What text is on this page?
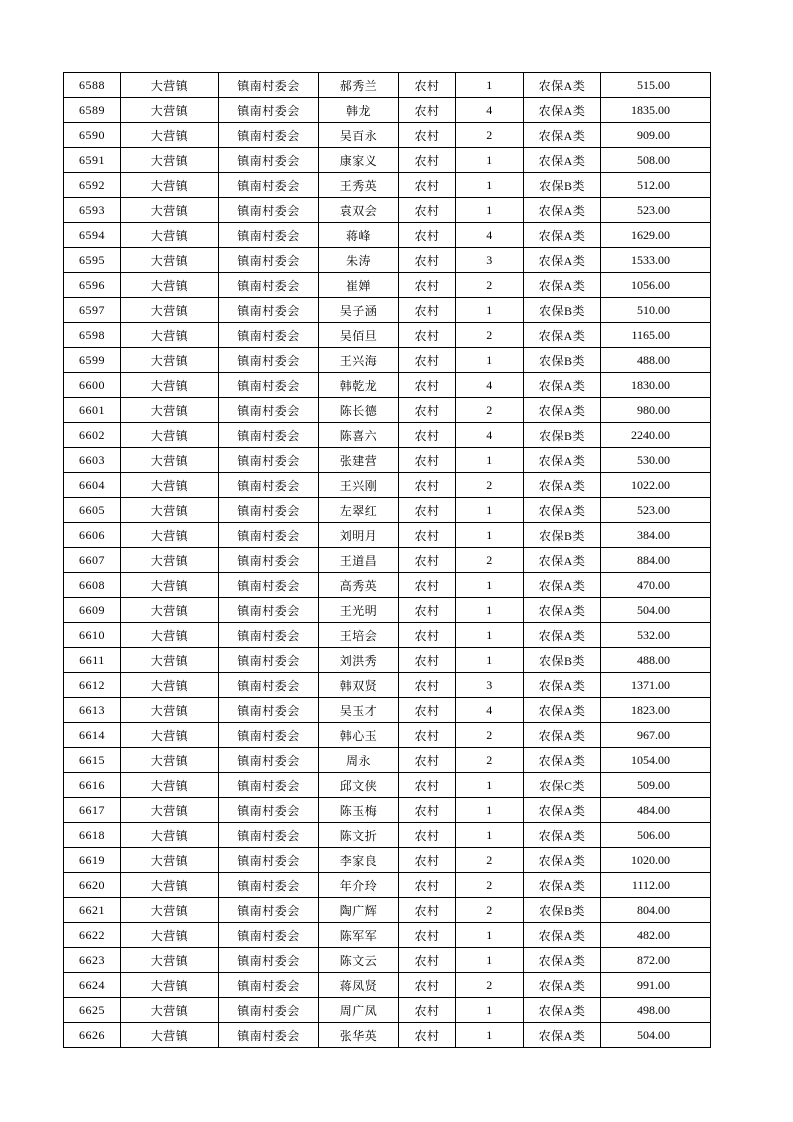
6588	大营镇	镇南村委会	郝秀兰	农村	1	农保A类	515.00
6589	大营镇	镇南村委会	韩龙	农村	4	农保A类	1835.00
6590	大营镇	镇南村委会	吴百永	农村	2	农保A类	909.00
6591	大营镇	镇南村委会	康家义	农村	1	农保A类	508.00
6592	大营镇	镇南村委会	王秀英	农村	1	农保B类	512.00
6593	大营镇	镇南村委会	袁双会	农村	1	农保A类	523.00
6594	大营镇	镇南村委会	蒋峰	农村	4	农保A类	1629.00
6595	大营镇	镇南村委会	朱涛	农村	3	农保A类	1533.00
6596	大营镇	镇南村委会	崔婵	农村	2	农保A类	1056.00
6597	大营镇	镇南村委会	吴子涵	农村	1	农保B类	510.00
6598	大营镇	镇南村委会	吴佰旦	农村	2	农保A类	1165.00
6599	大营镇	镇南村委会	王兴海	农村	1	农保B类	488.00
6600	大营镇	镇南村委会	韩乾龙	农村	4	农保A类	1830.00
6601	大营镇	镇南村委会	陈长德	农村	2	农保A类	980.00
6602	大营镇	镇南村委会	陈喜六	农村	4	农保B类	2240.00
6603	大营镇	镇南村委会	张建营	农村	1	农保A类	530.00
6604	大营镇	镇南村委会	王兴刚	农村	2	农保A类	1022.00
6605	大营镇	镇南村委会	左翠红	农村	1	农保A类	523.00
6606	大营镇	镇南村委会	刘明月	农村	1	农保B类	384.00
6607	大营镇	镇南村委会	王道昌	农村	2	农保A类	884.00
6608	大营镇	镇南村委会	高秀英	农村	1	农保A类	470.00
6609	大营镇	镇南村委会	王光明	农村	1	农保A类	504.00
6610	大营镇	镇南村委会	王培会	农村	1	农保A类	532.00
6611	大营镇	镇南村委会	刘洪秀	农村	1	农保B类	488.00
6612	大营镇	镇南村委会	韩双贤	农村	3	农保A类	1371.00
6613	大营镇	镇南村委会	吴玉才	农村	4	农保A类	1823.00
6614	大营镇	镇南村委会	韩心玉	农村	2	农保A类	967.00
6615	大营镇	镇南村委会	周永	农村	2	农保A类	1054.00
6616	大营镇	镇南村委会	邱文侠	农村	1	农保C类	509.00
6617	大营镇	镇南村委会	陈玉梅	农村	1	农保A类	484.00
6618	大营镇	镇南村委会	陈文折	农村	1	农保A类	506.00
6619	大营镇	镇南村委会	李家良	农村	2	农保A类	1020.00
6620	大营镇	镇南村委会	年介玲	农村	2	农保A类	1112.00
6621	大营镇	镇南村委会	陶广辉	农村	2	农保B类	804.00
6622	大营镇	镇南村委会	陈军军	农村	1	农保A类	482.00
6623	大营镇	镇南村委会	陈文云	农村	1	农保A类	872.00
6624	大营镇	镇南村委会	蒋凤贤	农村	2	农保A类	991.00
6625	大营镇	镇南村委会	周广凤	农村	1	农保A类	498.00
6626	大营镇	镇南村委会	张华英	农村	1	农保A类	504.00
